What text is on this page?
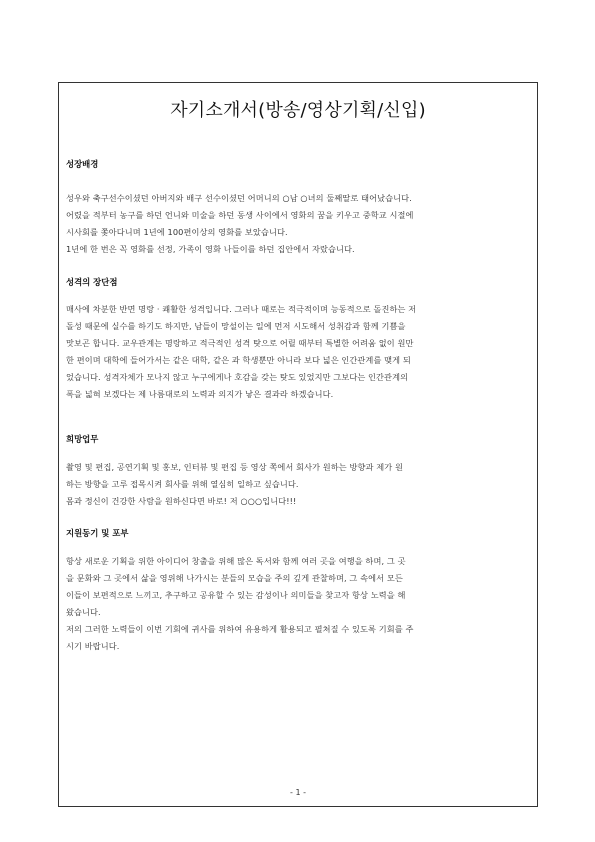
자기소개서(방송/영상기획/신입)
성장배경
성우와 축구선수이셨던 아버지와 배구 선수이셨던 어머니의 ○남 ○녀의 둘째딸로 태어났습니다.
어렸을 적부터 농구를 하던 언니와 미술을 하던 동생 사이에서 영화의 꿈을 키우고 중학교 시절에
시사회를 쫓아다니며 1년에 100편이상의 영화를 보았습니다.
1년에 한 번은 꼭 영화를 선정, 가족이 영화 나들이를 하던 집안에서 자랐습니다.
성격의 장단점
매사에 차분한 반면 명랑 · 쾌활한 성격입니다. 그러나 때로는 적극적이며 능동적으로 돌진하는 저
돌성 때문에 실수를 하기도 하지만, 남들이 망설이는 일에 먼저 시도해서 성취감과 함께 기쁨을
맛보곤 합니다. 교우관계는 명랑하고 적극적인 성격 탓으로 어릴 때부터 특별한 어려움 없이 원만
한 편이며 대학에 들어가서는 같은 대학, 같은 과 학생뿐만 아니라 보다 넓은 인간관계를 맺게 되
었습니다. 성격자체가 모나지 않고 누구에게나 호감을 갖는 탓도 있었지만 그보다는 인간관계의
폭을 넓혀 보겠다는 제 나름대로의 노력과 의지가 낳은 결과라 하겠습니다.
희망업무
촬영 및 편집, 공연기획 및 홍보, 인터뷰 및 편집 등 영상 쪽에서 회사가 원하는 방향과 제가 원
하는 방향을 고루 접목시켜 회사를 위해 열심히 일하고 싶습니다.
몸과 정신이 건강한 사람을 원하신다면 바로! 저 ○○○입니다!!!
지원동기 및 포부
항상 새로운 기획을 위한 아이디어 창출을 위해 많은 독서와 함께 여러 곳을 여행을 하며, 그 곳
을 문화와 그 곳에서 삶을 영위해 나가시는 분들의 모습을 주의 깊게 관찰하며, 그 속에서 모든
이들이 보편적으로 느끼고, 추구하고 공유할 수 있는 감성이나 의미들을 찾고자 항상 노력을 해
왔습니다.
저의 그러한 노력들이 이번 기회에 귀사를 위하여 유용하게 활용되고 펼쳐질 수 있도록 기회를 주
시기 바랍니다.
- 1 -
